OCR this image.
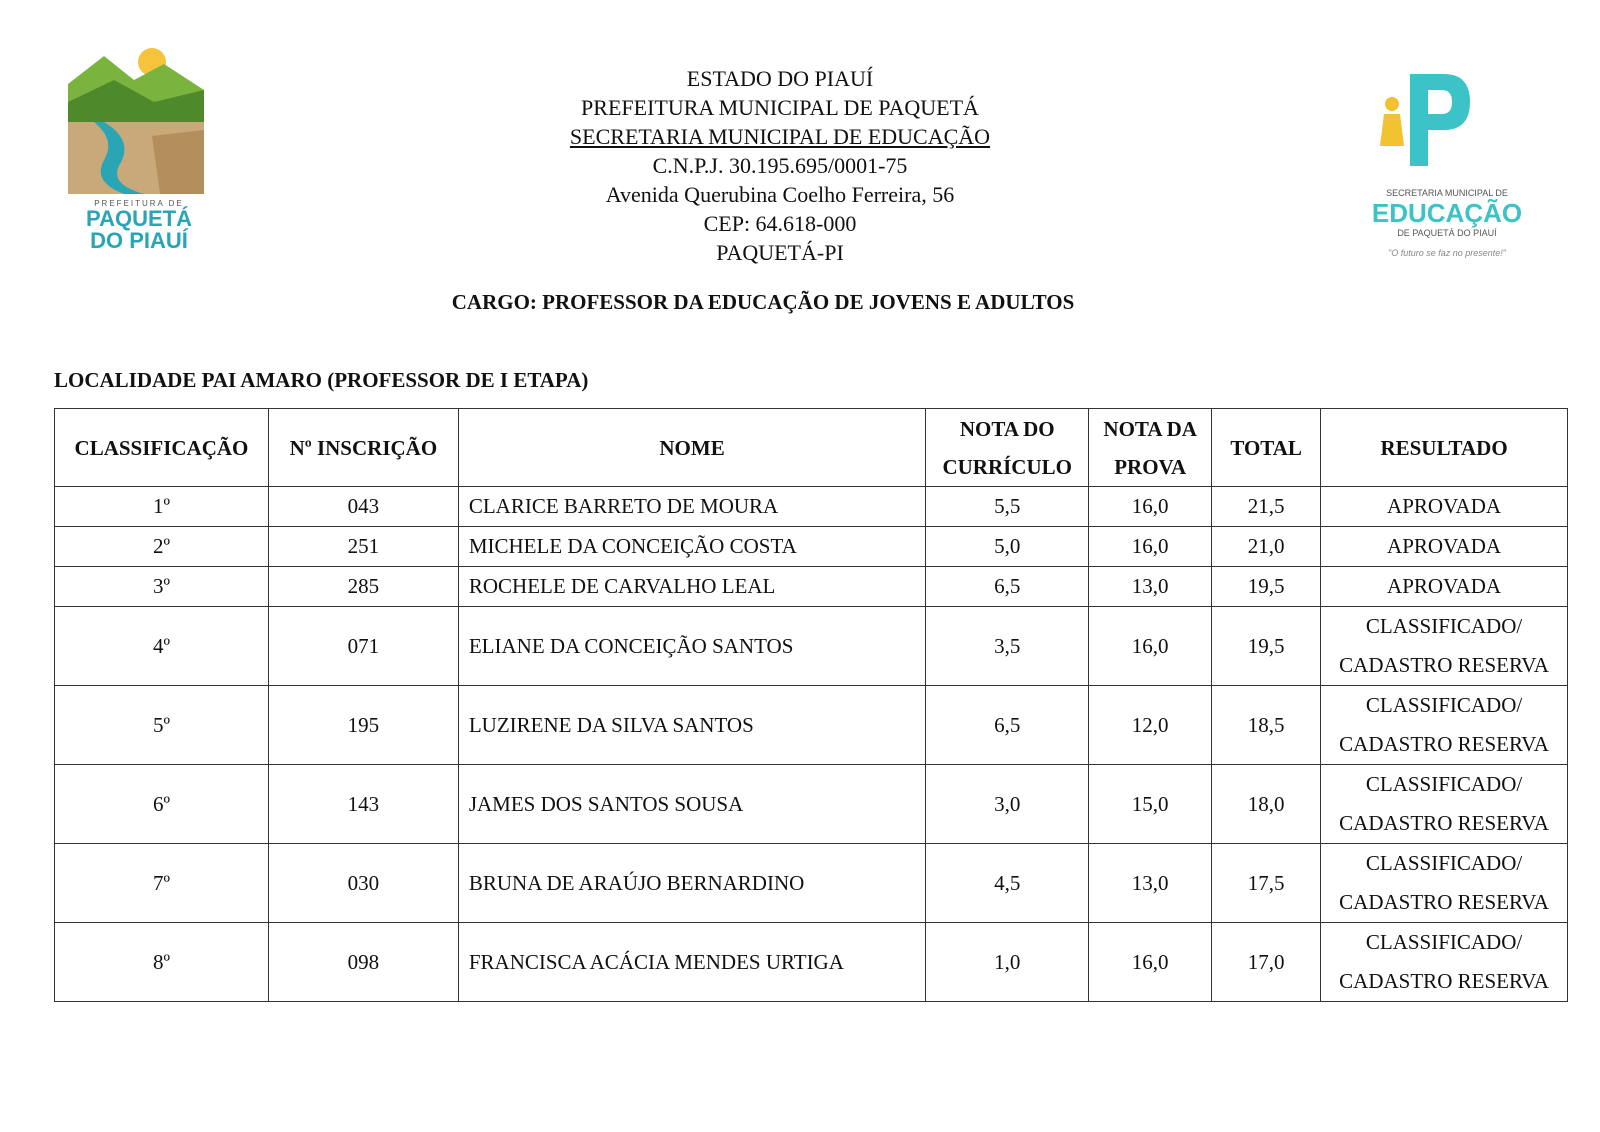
PREFEITURA DE
PAQUETÁ
DO PIAUÍ
SECRETARIA MUNICIPAL DE
EDUCAÇÃO
DE PAQUETÁ DO PIAUÍ
"O futuro se faz no presente!"
ESTADO DO PIAUÍ
PREFEITURA MUNICIPAL DE PAQUETÁ
SECRETARIA MUNICIPAL DE EDUCAÇÃO
C.N.P.J. 30.195.695/0001-75
Avenida Querubina Coelho Ferreira, 56
CEP: 64.618-000
PAQUETÁ-PI
CARGO: PROFESSOR DA EDUCAÇÃO DE JOVENS E ADULTOS
LOCALIDADE PAI AMARO (PROFESSOR DE I ETAPA)
CLASSIFICAÇÃO	Nº INSCRIÇÃO	NOME	NOTA DO
CURRÍCULO	NOTA DA
PROVA	TOTAL	RESULTADO
1º	043	CLARICE BARRETO DE MOURA	5,5	16,0	21,5	APROVADA
2º	251	MICHELE DA CONCEIÇÃO COSTA	5,0	16,0	21,0	APROVADA
3º	285	ROCHELE DE CARVALHO LEAL	6,5	13,0	19,5	APROVADA
4º	071	ELIANE DA CONCEIÇÃO SANTOS	3,5	16,0	19,5	CLASSIFICADO/
CADASTRO RESERVA
5º	195	LUZIRENE DA SILVA SANTOS	6,5	12,0	18,5	CLASSIFICADO/
CADASTRO RESERVA
6º	143	JAMES DOS SANTOS SOUSA	3,0	15,0	18,0	CLASSIFICADO/
CADASTRO RESERVA
7º	030	BRUNA DE ARAÚJO BERNARDINO	4,5	13,0	17,5	CLASSIFICADO/
CADASTRO RESERVA
8º	098	FRANCISCA ACÁCIA MENDES URTIGA	1,0	16,0	17,0	CLASSIFICADO/
CADASTRO RESERVA
